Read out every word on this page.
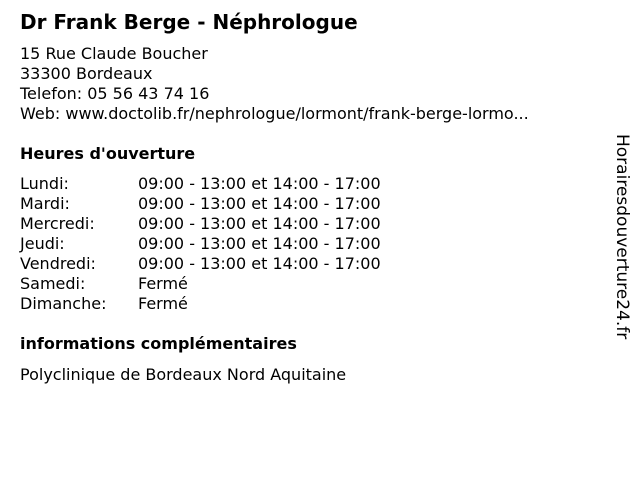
Dr Frank Berge - Néphrologue
15 Rue Claude Boucher
33300 Bordeaux
Telefon: 05 56 43 74 16
Web: www.doctolib.fr/nephrologue/lormont/frank-berge-lormo...
Heures d'ouverture
Lundi:	09:00 - 13:00 et 14:00 - 17:00
Mardi:	09:00 - 13:00 et 14:00 - 17:00
Mercredi:	09:00 - 13:00 et 14:00 - 17:00
Jeudi:	09:00 - 13:00 et 14:00 - 17:00
Vendredi:	09:00 - 13:00 et 14:00 - 17:00
Samedi:	Fermé
Dimanche: Fermé
informations complémentaires
Polyclinique de Bordeaux Nord Aquitaine
Horairesdouverture24.fr
